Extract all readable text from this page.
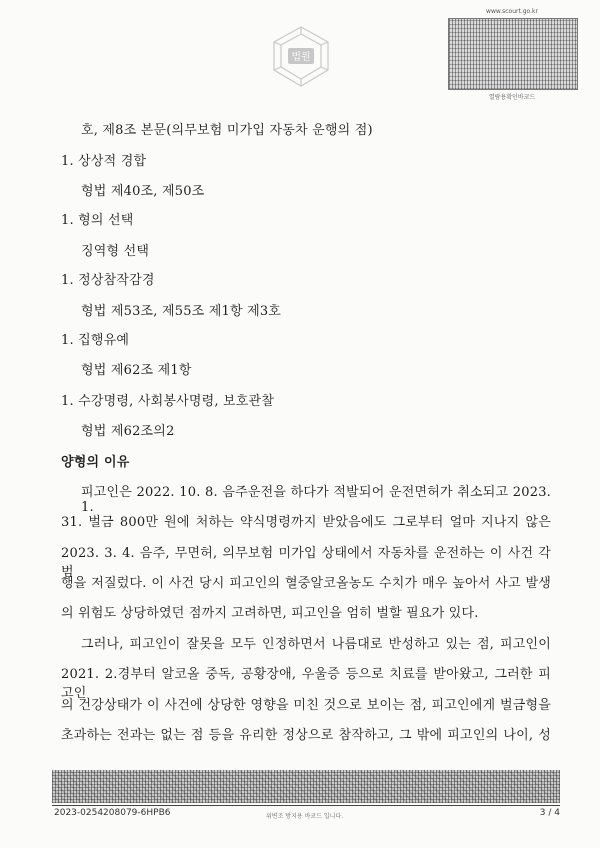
법원
www.scourt.go.kr
열람용확인바코드
호, 제8조 본문(의무보험 미가입 자동차 운행의 점)
1. 상상적 경합
형법 제40조, 제50조
1. 형의 선택
징역형 선택
1. 정상참작감경
형법 제53조, 제55조 제1항 제3호
1. 집행유예
형법 제62조 제1항
1. 수강명령, 사회봉사명령, 보호관찰
형법 제62조의2
양형의 이유
피고인은 2022. 10. 8. 음주운전을 하다가 적발되어 운전면허가 취소되고 2023. 1.
31. 벌금 800만 원에 처하는 약식명령까지 받았음에도 그로부터 얼마 지나지 않은
2023. 3. 4. 음주, 무면허, 의무보험 미가입 상태에서 자동차를 운전하는 이 사건 각 범
행을 저질렀다. 이 사건 당시 피고인의 혈중알코올농도 수치가 매우 높아서 사고 발생
의 위험도 상당하였던 점까지 고려하면, 피고인을 엄히 벌할 필요가 있다.
그러나, 피고인이 잘못을 모두 인정하면서 나름대로 반성하고 있는 점, 피고인이
2021. 2.경부터 알코올 중독, 공황장애, 우울증 등으로 치료를 받아왔고, 그러한 피고인
의 건강상태가 이 사건에 상당한 영향을 미친 것으로 보이는 점, 피고인에게 벌금형을
초과하는 전과는 없는 점 등을 유리한 정상으로 참작하고, 그 밖에 피고인의 나이, 성
2023-0254208079-6HPB6	위변조 방지용 바코드 입니다.	3 / 4
